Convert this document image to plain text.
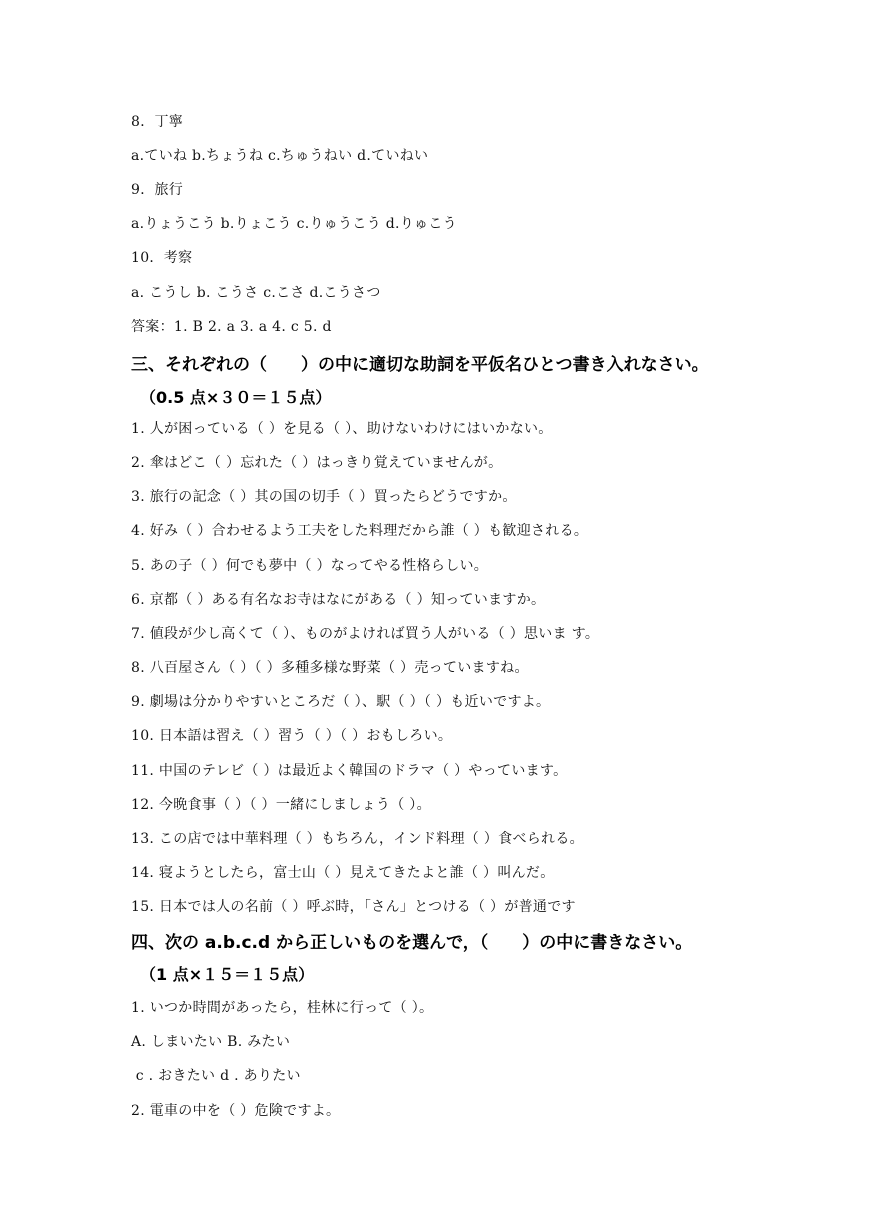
8．丁寧
a.ていね b.ちょうね c.ちゅうねい d.ていねい
9．旅行
a.りょうこう b.りょこう c.りゅうこう d.りゅこう
10．考察
a. こうし b. こうさ c.こさ d.こうさつ
答案：1. B 2. a 3. a 4. c 5. d
三、それぞれの（　　）の中に適切な助詞を平仮名ひとつ書き入れなさい。
（0.5 点×３０＝１５点）
1. 人が困っている（ ）を見る（ ）、助けないわけにはいかない。
2. 傘はどこ（ ）忘れた（ ）はっきり覚えていませんが。
3. 旅行の記念（ ）其の国の切手（ ）買ったらどうですか。
4. 好み（ ）合わせるよう工夫をした料理だから誰（ ）も歓迎される。
5. あの子（ ）何でも夢中（ ）なってやる性格らしい。
6. 京都（ ）ある有名なお寺はなにがある（ ）知っていますか。
7. 値段が少し高くて（ ）、ものがよければ買う人がいる（ ）思いま す。
8. 八百屋さん（ ）（ ）多種多様な野菜（ ）売っていますね。
9. 劇場は分かりやすいところだ（ ）、駅（ ）（ ）も近いですよ。
10. 日本語は習え（ ）習う（ ）（ ）おもしろい。
11. 中国のテレビ（ ）は最近よく韓国のドラマ（ ）やっています。
12. 今晩食事（ ）（ ）一緒にしましょう（ ）。
13. この店では中華料理（ ）もちろん，インド料理（ ）食べられる。
14. 寝ようとしたら，富士山（ ）見えてきたよと誰（ ）叫んだ。
15. 日本では人の名前（ ）呼ぶ時，「さん」とつける（ ）が普通です
四、次の a.b.c.d から正しいものを選んで，（　　）の中に書きなさい。
（1 点×１５＝１５点）
1. いつか時間があったら，桂林に行って（ ）。
A. しまいたい B. みたい
c . おきたい d . ありたい
2. 電車の中を（ ）危険ですよ。
